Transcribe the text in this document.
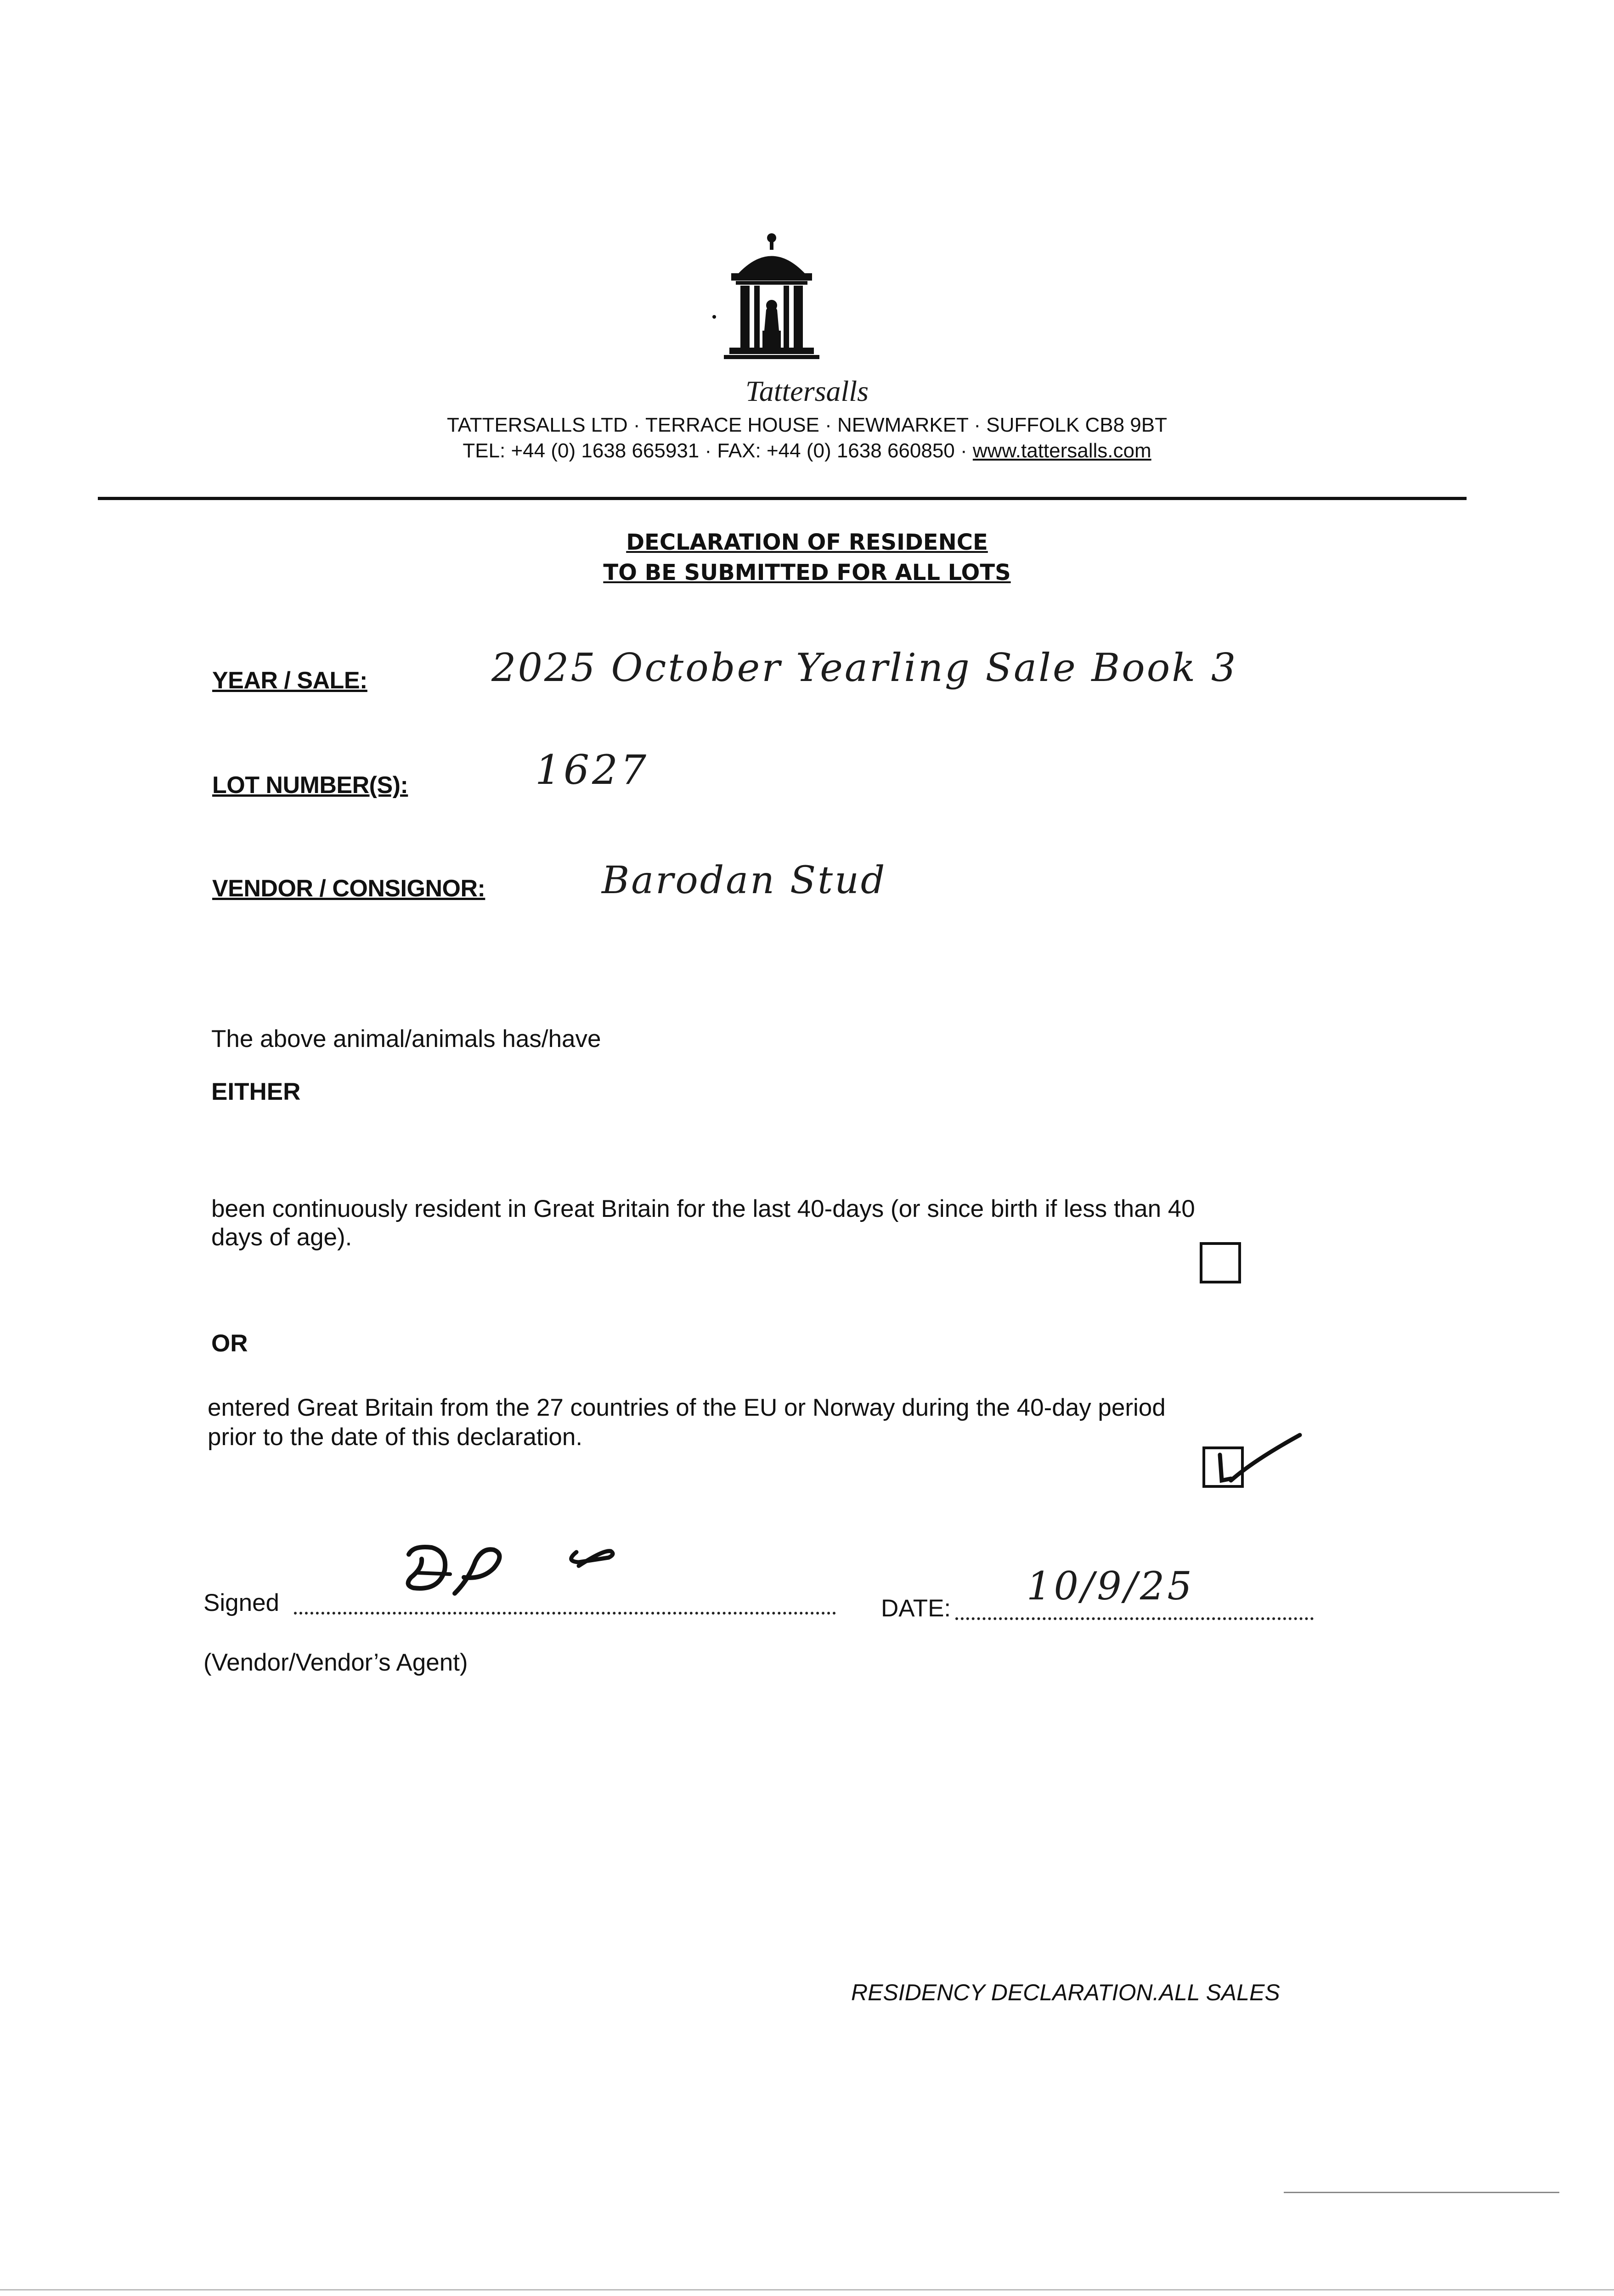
Tattersalls
TATTERSALLS LTD · TERRACE HOUSE · NEWMARKET · SUFFOLK CB8 9BT
TEL: +44 (0) 1638 665931 · FAX: +44 (0) 1638 660850 · www.tattersalls.com
DECLARATION OF RESIDENCE
TO BE SUBMITTED FOR ALL LOTS
YEAR / SALE:	2025 October Yearling Sale Book 3
LOT NUMBER(S):	1627
VENDOR / CONSIGNOR:	Barodan Stud
The above animal/animals has/have
EITHER
been continuously resident in Great Britain for the last 40-days (or since birth if less than 40
days of age).
OR
entered Great Britain from the 27 countries of the EU or Norway during the 40-day period
prior to the date of this declaration.
Signed	DATE: 10/9/25
(Vendor/Vendor’s Agent)
RESIDENCY DECLARATION.ALL SALES
